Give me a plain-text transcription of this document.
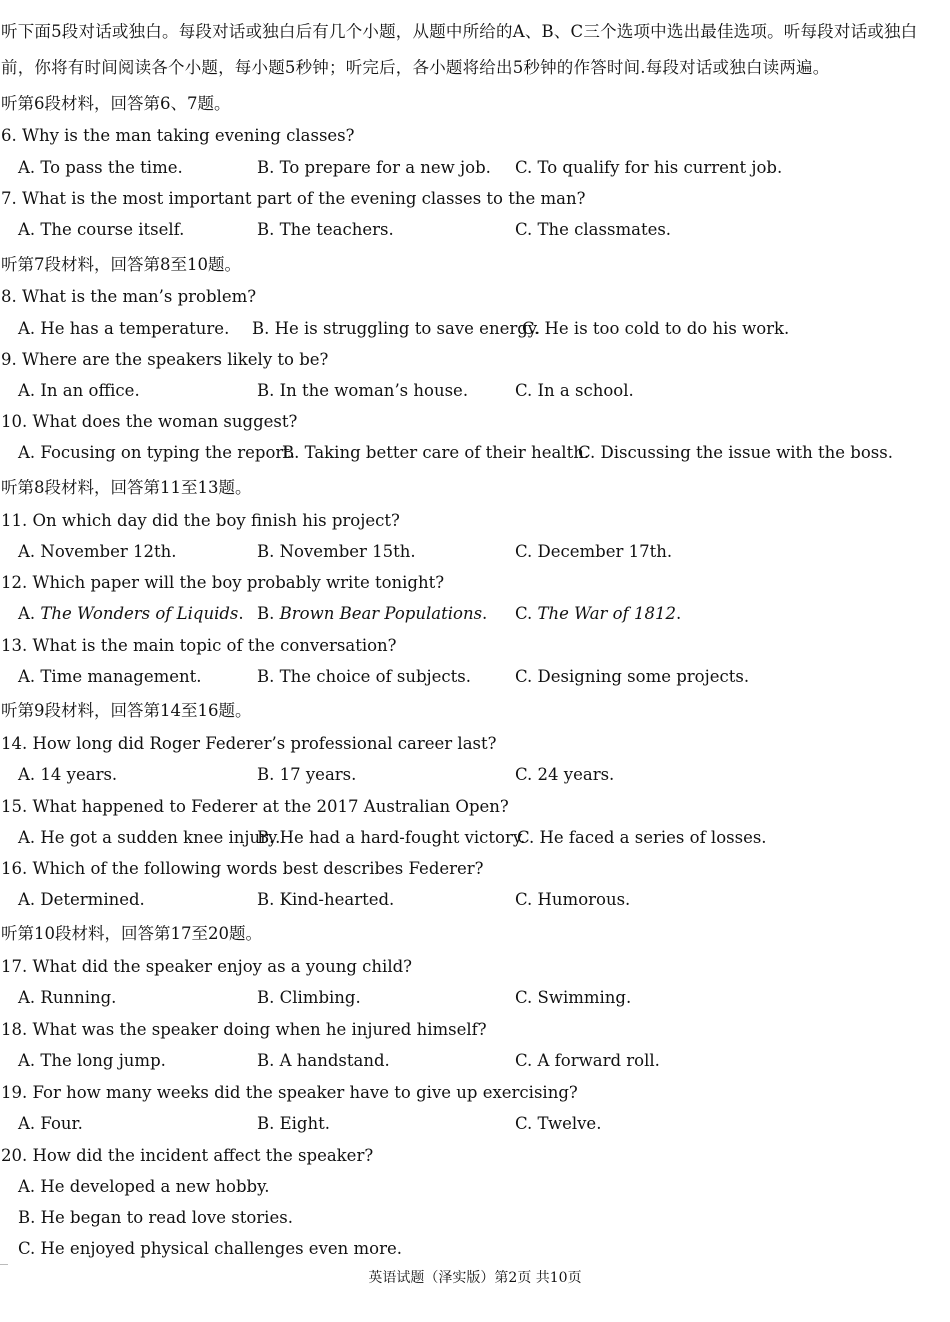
听下面5段对话或独白。每段对话或独白后有几个小题，从题中所给的A、B、C三个选项中选出最佳选项。听每段对话或独白前，你将有时间阅读各个小题，每小题5秒钟；听完后，各小题将给出5秒钟的作答时间.每段对话或独白读两遍。

听第6段材料，回答第6、7题。
6. Why is the man taking evening classes?
A. To pass the time.	B. To prepare for a new job. C. To qualify for his current job.
7. What is the most important part of the evening classes to the man?
A. The course itself.	B. The teachers.	C. The classmates.
听第7段材料，回答第8至10题。
8. What is the man’s problem?
A. He has a temperature. B. He is struggling to save energy.
C. He is too cold to do his work.
9. Where are the speakers likely to be?
A. In an office.	B. In the woman’s house.	C. In a school.
10. What does the woman suggest?
A. Focusing on typing the report.
B. Taking better care of their health.
C. Discussing the issue with the boss.
听第8段材料，回答第11至13题。
11. On which day did the boy finish his project?
A. November 12th.	B. November 15th.	C. December 17th.
12. Which paper will the boy probably write tonight?
A. The Wonders of Liquids. B. Brown Bear Populations. C. The War of 1812.
13. What is the main topic of the conversation?
A. Time management.	B. The choice of subjects.	C. Designing some projects.
听第9段材料，回答第14至16题。
14. How long did Roger Federer’s professional career last?
A. 14 years.	B. 17 years.	C. 24 years.
15. What happened to Federer at the 2017 Australian Open?
A. He got a sudden knee injury.
B. He had a hard-fought victory.
C. He faced a series of losses.
16. Which of the following words best describes Federer?
A. Determined.	B. Kind-hearted.	C. Humorous.
听第10段材料，回答第17至20题。
17. What did the speaker enjoy as a young child?
A. Running.	B. Climbing.	C. Swimming.
18. What was the speaker doing when he injured himself?
A. The long jump.	B. A handstand.	C. A forward roll.
19. For how many weeks did the speaker have to give up exercising?
A. Four.	B. Eight.	C. Twelve.
20. How did the incident affect the speaker?
A. He developed a new hobby.
B. He began to read love stories.
C. He enjoyed physical challenges even more.
英语试题（泽实版）第2页 共10页
